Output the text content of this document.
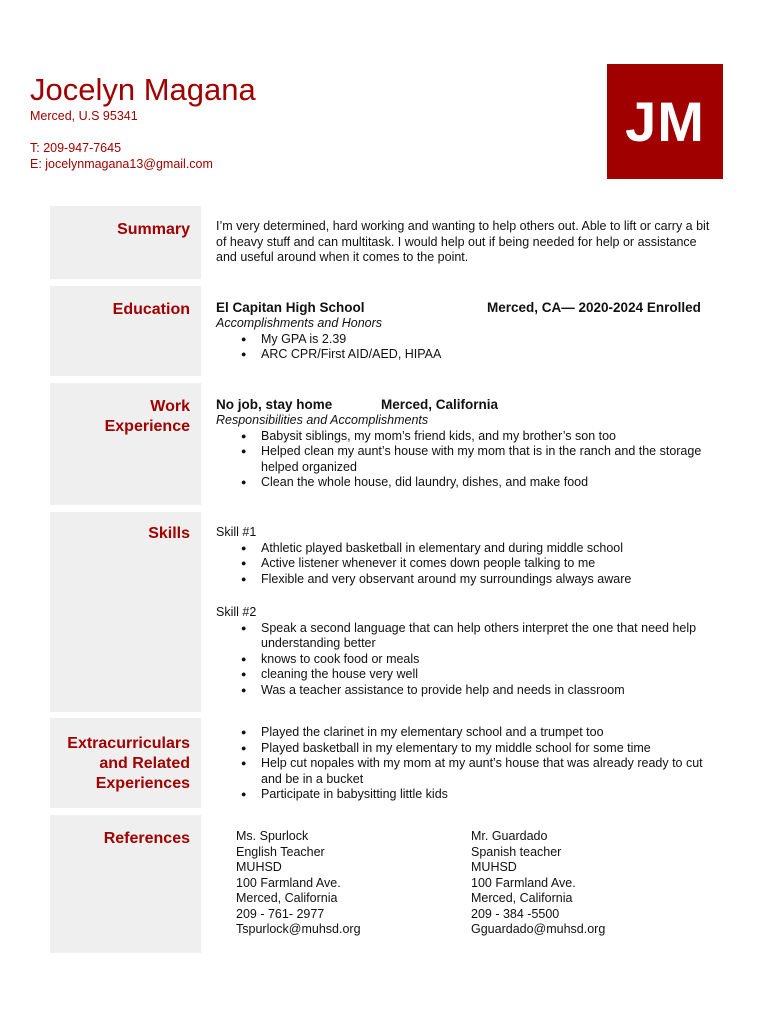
Jocelyn Magana
Merced, U.S 95341
T: 209-947-7645
E: jocelynmagana13@gmail.com
JM
Summary I’m very determined, hard working and wanting to help others out. Able to lift or carry a bit of heavy stuff and can multitask. I would help out if being needed for help or assistance and useful around when it comes to the point.
Education El Capitan High School	Merced, CA— 2020-2024 Enrolled
Accomplishments and Honors
● My GPA is 2.39
● ARC CPR/First AID/AED, HIPAA
Work
Experience
No job, stay home	Merced, California
Responsibilities and Accomplishments
● Babysit siblings, my mom’s friend kids, and my brother’s son too
● Helped clean my aunt’s house with my mom that is in the ranch and the storage helped organized
● Clean the whole house, did laundry, dishes, and make food
Skills Skill #1
● Athletic played basketball in elementary and during middle school
● Active listener whenever it comes down people talking to me
● Flexible and very observant around my surroundings always aware
Skill #2
● Speak a second language that can help others interpret the one that need help understanding better
● knows to cook food or meals
● cleaning the house very well
● Was a teacher assistance to provide help and needs in classroom
Extracurriculars
and Related
Experiences
● Played the clarinet in my elementary school and a trumpet too
● Played basketball in my elementary to my middle school for some time
● Help cut nopales with my mom at my aunt’s house that was already ready to cut and be in a bucket
● Participate in babysitting little kids
References	Ms. Spurlock
English Teacher
MUHSD
100 Farmland Ave.
Merced, California
209 - 761- 2977
Tspurlock@muhsd.org
Mr. Guardado
Spanish teacher
MUHSD
100 Farmland Ave.
Merced, California
209 - 384 -5500
Gguardado@muhsd.org
